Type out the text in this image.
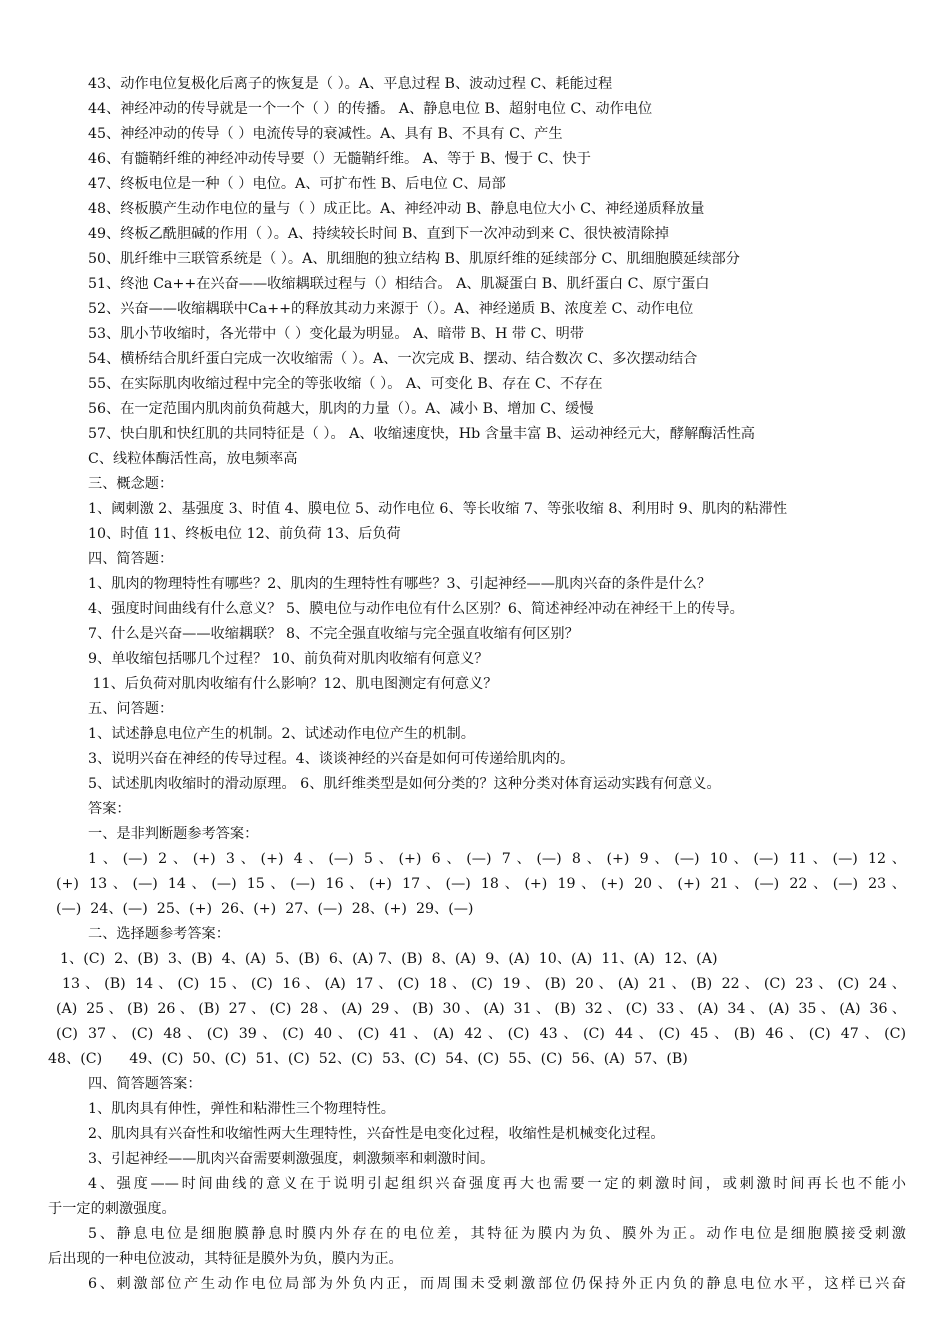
43、动作电位复极化后离子的恢复是（ ）。A、平息过程 B、波动过程 C、耗能过程
44、神经冲动的传导就是一个一个（ ）的传播。 A、静息电位 B、超射电位 C、动作电位
45、神经冲动的传导（ ）电流传导的衰减性。A、具有 B、不具有 C、产生
46、有髓鞘纤维的神经冲动传导要（）无髓鞘纤维。 A、等于 B、慢于 C、快于
47、终板电位是一种（ ）电位。A、可扩布性 B、后电位 C、局部
48、终板膜产生动作电位的量与（ ）成正比。A、神经冲动 B、静息电位大小 C、神经递质释放量
49、终板乙酰胆碱的作用（ ）。A、持续较长时间 B、直到下一次冲动到来 C、很快被清除掉
50、肌纤维中三联管系统是（ ）。A、肌细胞的独立结构 B、肌原纤维的延续部分 C、肌细胞膜延续部分
51、终池 Ca++在兴奋——收缩耦联过程与（）相结合。 A、肌凝蛋白 B、肌纤蛋白 C、原宁蛋白
52、兴奋——收缩耦联中Ca++的释放其动力来源于（）。A、神经递质 B、浓度差 C、动作电位
53、肌小节收缩时，各光带中（ ）变化最为明显。 A、暗带 B、H 带 C、明带
54、横桥结合肌纤蛋白完成一次收缩需（ ）。A、一次完成 B、摆动、结合数次 C、多次摆动结合
55、在实际肌肉收缩过程中完全的等张收缩（ ）。 A、可变化 B、存在 C、不存在
56、在一定范围内肌肉前负荷越大，肌肉的力量（）。A、减小 B、增加 C、缓慢
57、快白肌和快红肌的共同特征是（ ）。 A、收缩速度快，Hb 含量丰富 B、运动神经元大，酵解酶活性高
C、线粒体酶活性高，放电频率高
三、概念题：
1、阈刺激 2、基强度 3、时值 4、膜电位 5、动作电位 6、等长收缩 7、等张收缩 8、利用时 9、肌肉的粘滞性
10、时值 11、终板电位 12、前负荷 13、后负荷
四、简答题：
1、肌肉的物理特性有哪些？2、肌肉的生理特性有哪些？3、引起神经——肌肉兴奋的条件是什么？
4、强度时间曲线有什么意义？ 5、膜电位与动作电位有什么区别？6、简述神经冲动在神经干上的传导。
7、什么是兴奋——收缩耦联？ 8、不完全强直收缩与完全强直收缩有何区别？
9、单收缩包括哪几个过程？ 10、前负荷对肌肉收缩有何意义？
11、后负荷对肌肉收缩有什么影响？12、肌电图测定有何意义？
五、问答题：
1、试述静息电位产生的机制。2、试述动作电位产生的机制。
3、说明兴奋在神经的传导过程。4、谈谈神经的兴奋是如何可传递给肌肉的。
5、试述肌肉收缩时的滑动原理。 6、肌纤维类型是如何分类的？这种分类对体育运动实践有何意义。
答案：
一、是非判断题参考答案：
1、(—) 2、(+) 3、(+) 4、(—) 5、(+) 6、(—) 7、(—) 8、(+) 9、(—) 10、(—) 11、(—) 12、
(+) 13、(—) 14、(—) 15、(—) 16、(+) 17、(—) 18、(+) 19、(+) 20、(+) 21、(—) 22、(—) 23、
(—)  24、(—)  25、(+)  26、(+)  27、(—)  28、(+)  29、(—)
二、选择题参考答案：
1、(C)  2、(B)  3、(B)  4、(A)  5、(B)  6、(A) 7、(B)  8、(A)  9、(A)  10、(A)  11、(A)  12、(A)
13、(B) 14、(C) 15、(C) 16、(A) 17、(C) 18、(C) 19、(B) 20、(A) 21、(B) 22、(C) 23、(C) 24、
(A) 25、(B) 26、(B) 27、(C) 28、(A) 29、(B) 30、(A) 31、(B) 32、(C) 33、(A) 34、(A) 35、(A) 36、
(C) 37、(C) 48、(C) 39、(C) 40、(C) 41、(A) 42、(C) 43、(C) 44、(C) 45、(B) 46、(C) 47、(C)
48、(C)      49、(C)  50、(C)  51、(C)  52、(C)  53、(C)  54、(C)  55、(C)  56、(A)  57、(B)
四、简答题答案：
1、肌肉具有伸性，弹性和粘滞性三个物理特性。
2、肌肉具有兴奋性和收缩性两大生理特性，兴奋性是电变化过程，收缩性是机械变化过程。
3、引起神经——肌肉兴奋需要刺激强度，刺激频率和刺激时间。
4、强度——时间曲线的意义在于说明引起组织兴奋强度再大也需要一定的刺激时间，或刺激时间再长也不能小
于一定的刺激强度。
5、静息电位是细胞膜静息时膜内外存在的电位差，其特征为膜内为负、膜外为正。动作电位是细胞膜接受刺激
后出现的一种电位波动，其特征是膜外为负，膜内为正。
6、刺激部位产生动作电位局部为外负内正，而周围未受刺激部位仍保持外正内负的静息电位水平，这样已兴奋
